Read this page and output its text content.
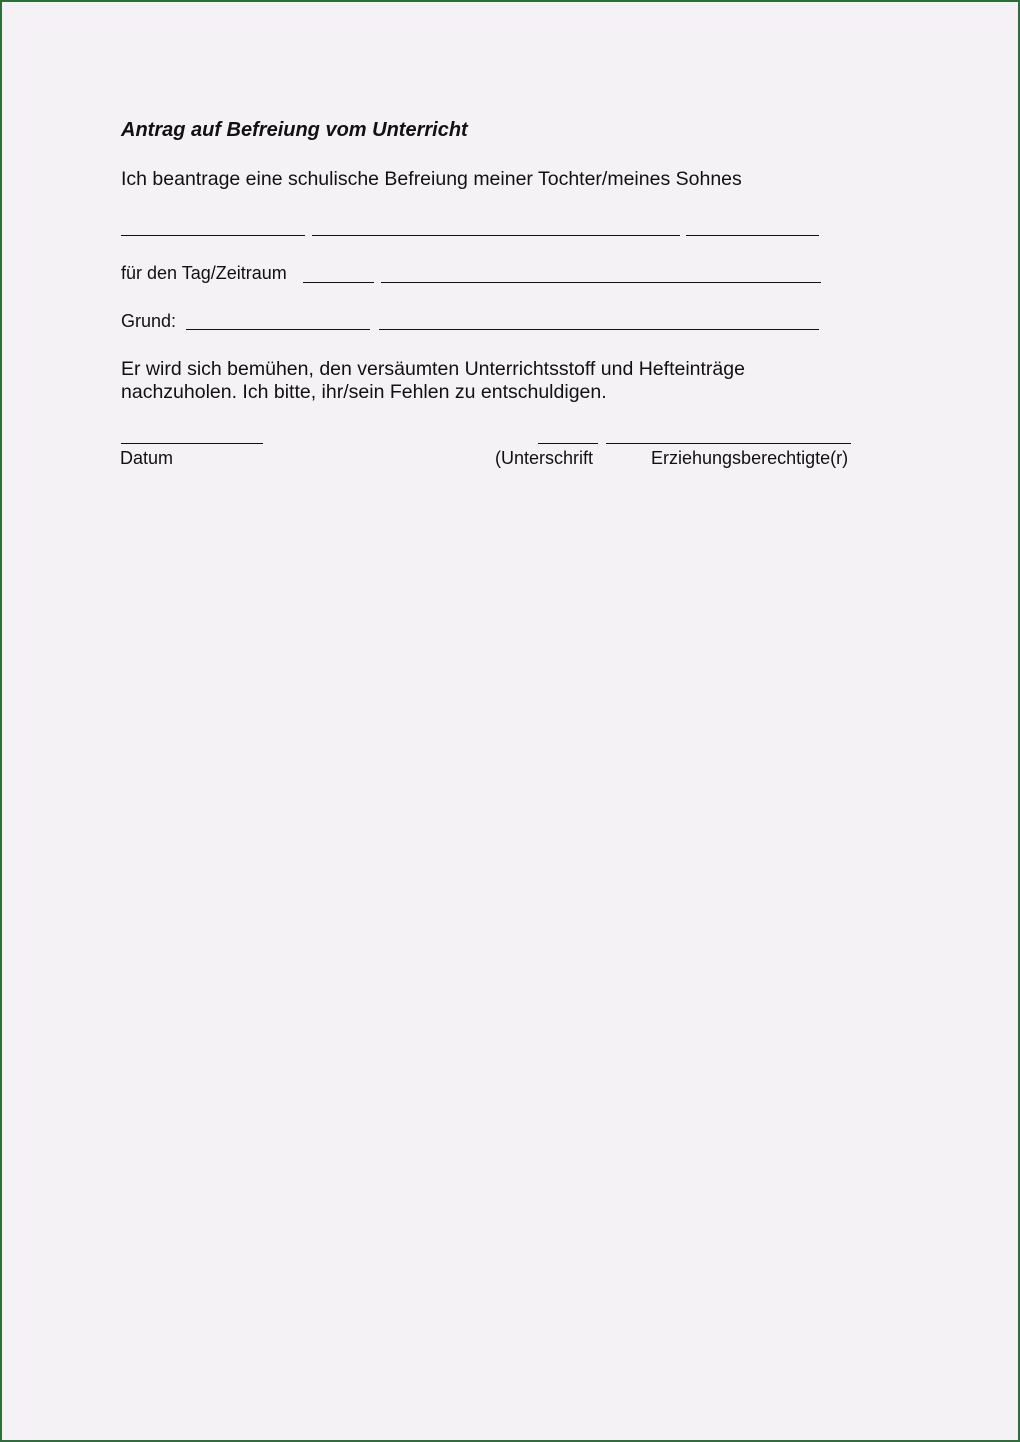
Antrag auf Befreiung vom Unterricht
Ich beantrage eine schulische Befreiung meiner Tochter/meines Sohnes
für den Tag/Zeitraum
Grund:
Er wird sich bemühen, den versäumten Unterrichtsstoff und Hefteinträge
nachzuholen. Ich bitte, ihr/sein Fehlen zu entschuldigen.
Datum	(Unterschrift	Erziehungsberechtigte(r)
